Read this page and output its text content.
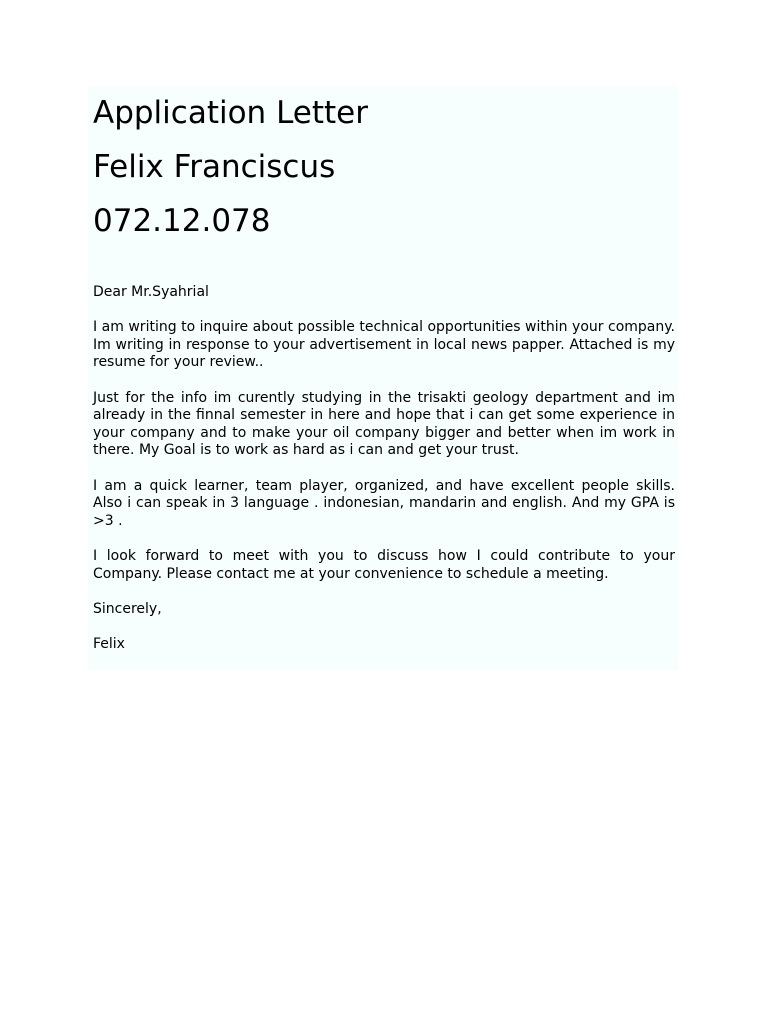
Application Letter
Felix Franciscus
072.12.078

Dear Mr.Syahrial

I am writing to inquire about possible technical opportunities within your company. Im writing in response to your advertisement in local news papper. Attached is my resume for your review..

Just for the info im curently studying in the trisakti geology department and im already in the finnal semester in here and hope that i can get some experience in your company and to make your oil company bigger and better when im work in there. My Goal is to work as hard as i can and get your trust.

I am a quick learner, team player, organized, and have excellent people skills. Also i can speak in 3 language . indonesian, mandarin and english. And my GPA is >3 .

I look forward to meet with you to discuss how I could contribute to your Company. Please contact me at your convenience to schedule a meeting.

Sincerely,

Felix
